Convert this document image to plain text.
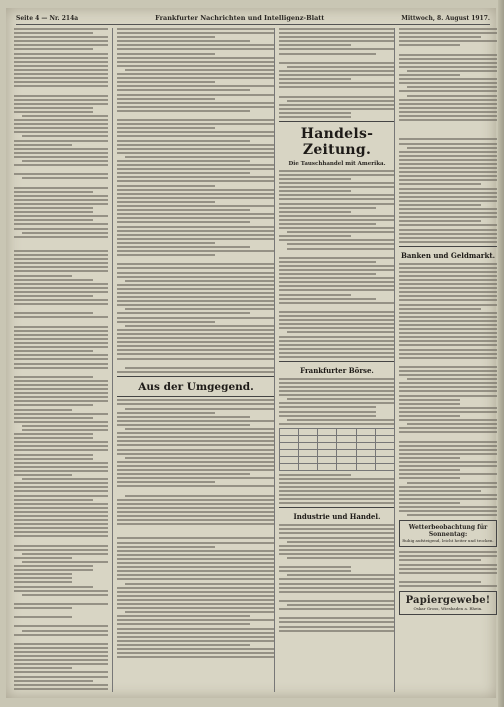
Seite 4 — Nr. 214a	Frankfurter Nachrichten und Intelligenz-Blatt	Mittwoch, 8. August 1917.
Aus der Umgegend.
Handels-Zeitung.
Die Tauschhandel mit Amerika.
Frankfurter Börse.

Industrie und Handel.
Banken und Geldmarkt.
Wetterbeobachtung für Sonnentag:
Ruhig aufsteigend, leicht heiter und trocken.
Papiergewebe!
Oskar Gross, Wiesbaden a. Rhein.
